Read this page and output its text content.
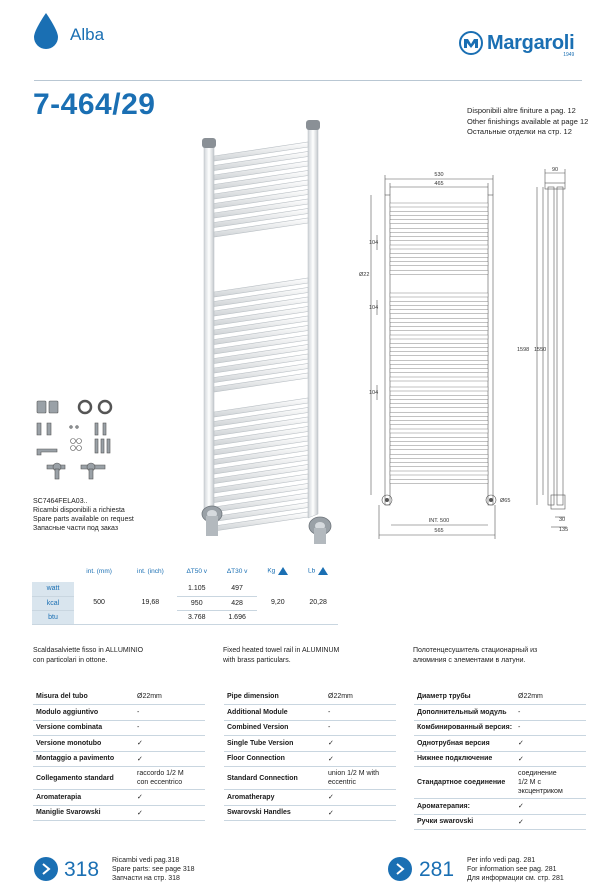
Alba	Margaroli
1949
7-464/29	Disponibili altre finiture a pag. 12
Other finishings available at page 12
Остальные отделки на стр. 12
530
465
90
104
Ø22
104
104
1598 1550
Ø65
INT. 500
565
30
135
SC7464FELA03..
Ricambi disponibili a richiesta
Spare parts available on request
Запасные части под заказ
	int. (mm)	int. (inch)	ΔT50 v	ΔT30 v	Kg	Lb
watt	500	19,68	1.105	497	9,20	20,28
kcal			950	428		
btu			3.768	1.696		
Scaldasalviette fisso in ALLUMINIO
con particolari in ottone.
Fixed heated towel rail in ALUMINUM
with brass particulars.
Полотенцесушитель стационарный из
алюминия с элементами в латуни.
Misura del tubo	Ø22mm
Modulo aggiuntivo	-
Versione combinata	-
Versione monotubo	✓
Montaggio a pavimento	✓
Collegamento standard	raccordo 1/2 M
con eccentrico

Aromaterapia	✓
Maniglie Svarowski	✓
Pipe dimension	Ø22mm
Additional Module	-
Combined Version	-
Single Tube Version	✓
Floor Connection	✓
Standard Connection	union 1/2 M with
eccentric

Aromatherapy	✓
Swarovski Handles	✓
Диаметр трубы	Ø22mm
Дополнительный модуль	-
Комбинированный версия:	-
Однотрубная версия	✓
Нижнее подключение	✓
Стандартное соединение	соединение
1/2 M с
эксцентриком

Ароматерапия:	✓
Ручки swarovski	✓
318 Ricambi vedi pag.318
Spare parts: see page 318
Запчасти на стр. 318	281 Per info vedi pag. 281
For information see pag. 281
Для информации см. стр. 281
